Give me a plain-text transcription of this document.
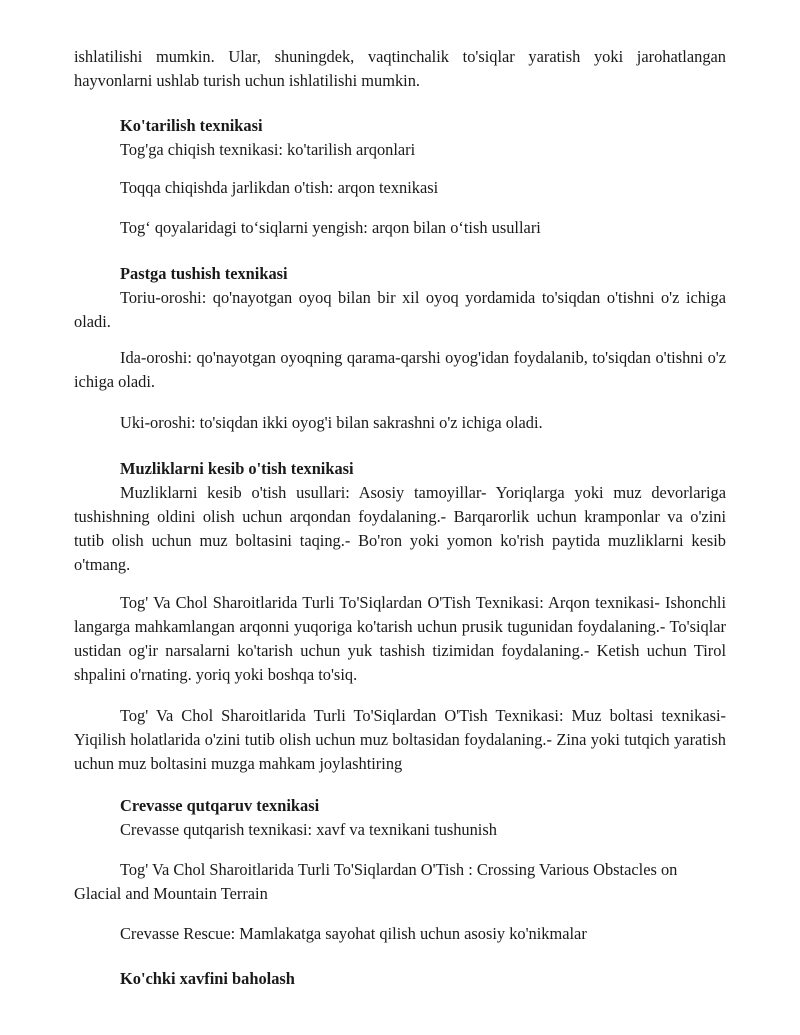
ishlatilishi mumkin. Ular, shuningdek, vaqtinchalik to'siqlar yaratish yoki jarohatlangan hayvonlarni ushlab turish uchun ishlatilishi mumkin.

Ko'tarilish texnikasi

Tog'ga chiqish texnikasi: ko'tarilish arqonlari

Toqqa chiqishda jarlikdan o'tish: arqon texnikasi

Tog‘ qoyalaridagi to‘siqlarni yengish: arqon bilan o‘tish usullari

Pastga tushish texnikasi

Toriu-oroshi: qo'nayotgan oyoq bilan bir xil oyoq yordamida to'siqdan o'tishni o'z ichiga oladi.

Ida-oroshi: qo'nayotgan oyoqning qarama-qarshi oyog'idan foydalanib, to'siqdan o'tishni o'z ichiga oladi.

Uki-oroshi: to'siqdan ikki oyog'i bilan sakrashni o'z ichiga oladi.

Muzliklarni kesib o'tish texnikasi

Muzliklarni kesib o'tish usullari: Asosiy tamoyillar- Yoriqlarga yoki muz devorlariga tushishning oldini olish uchun arqondan foydalaning.- Barqarorlik uchun kramponlar va o'zini tutib olish uchun muz boltasini taqing.- Bo'ron yoki yomon ko'rish paytida muzliklarni kesib o'tmang.

Tog' Va Chol Sharoitlarida Turli To'Siqlardan O'Tish Texnikasi: Arqon texnikasi- Ishonchli langarga mahkamlangan arqonni yuqoriga ko'tarish uchun prusik tugunidan foydalaning.- To'siqlar ustidan og'ir narsalarni ko'tarish uchun yuk tashish tizimidan foydalaning.- Ketish uchun Tirol shpalini o'rnating. yoriq yoki boshqa to'siq.

Tog' Va Chol Sharoitlarida Turli To'Siqlardan O'Tish Texnikasi: Muz boltasi texnikasi- Yiqilish holatlarida o'zini tutib olish uchun muz boltasidan foydalaning.- Zina yoki tutqich yaratish uchun muz boltasini muzga mahkam joylashtiring

Crevasse qutqaruv texnikasi

Crevasse qutqarish texnikasi: xavf va texnikani tushunish

Tog' Va Chol Sharoitlarida Turli To'Siqlardan O'Tish : Crossing Various Obstacles on Glacial and Mountain Terrain

Crevasse Rescue: Mamlakatga sayohat qilish uchun asosiy ko'nikmalar

Ko'chki xavfini baholash
